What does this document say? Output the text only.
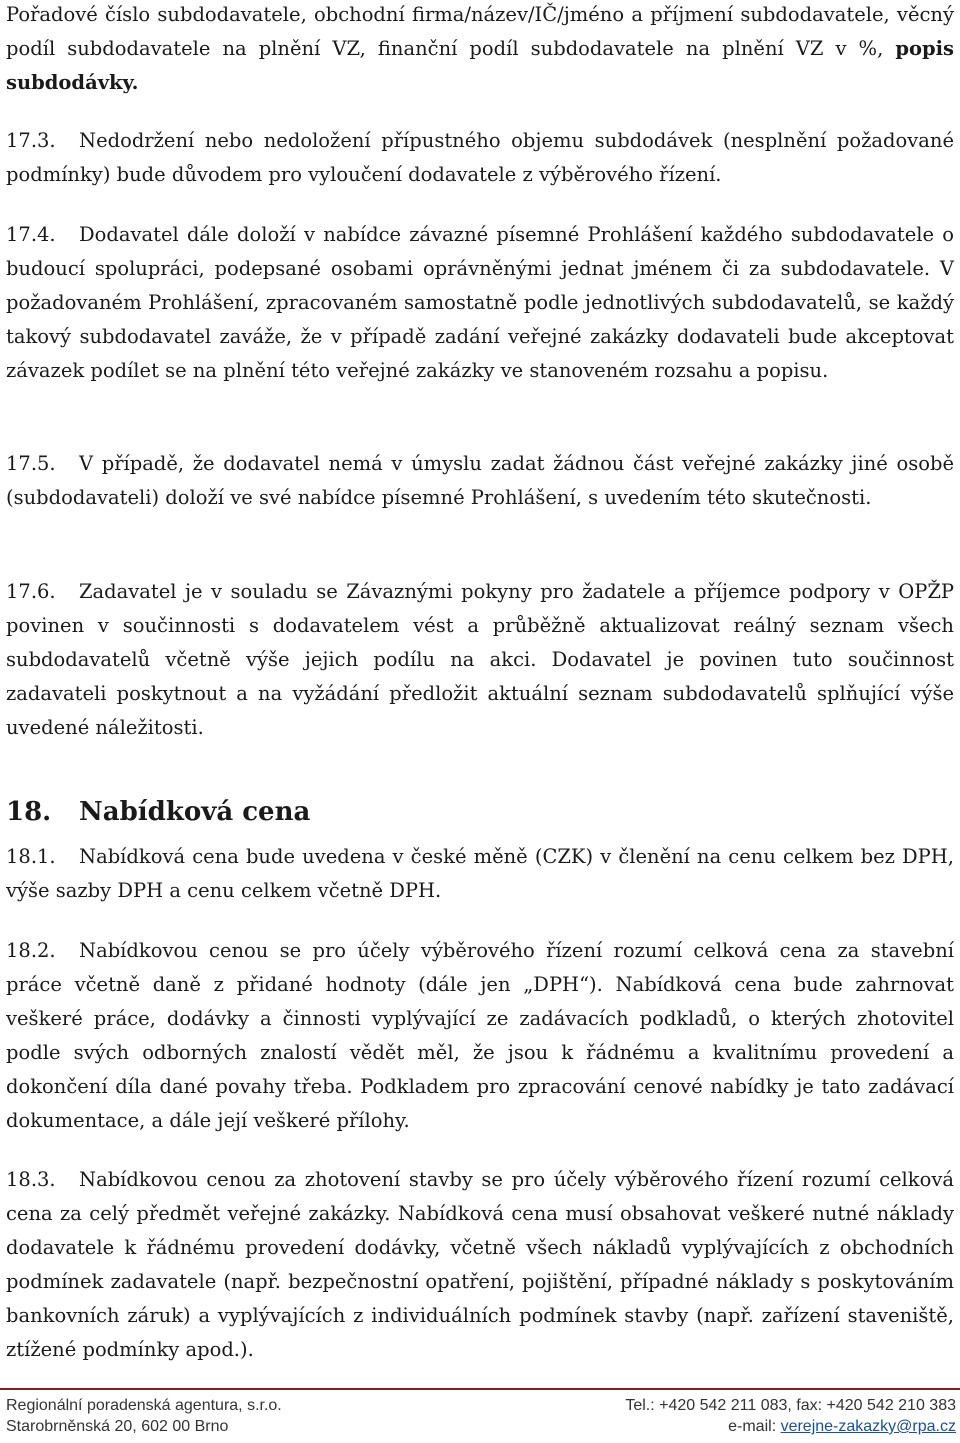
Pořadové číslo subdodavatele, obchodní firma/název/IČ/jméno a příjmení subdodavatele, věcný podíl subdodavatele na plnění VZ, finanční podíl subdodavatele na plnění VZ v %, popis subdodávky.

17.3. Nedodržení nebo nedoložení přípustného objemu subdodávek (nesplnění požadované podmínky) bude důvodem pro vyloučení dodavatele z výběrového řízení.

17.4. Dodavatel dále doloží v nabídce závazné písemné Prohlášení každého subdodavatele o budoucí spolupráci, podepsané osobami oprávněnými jednat jménem či za subdodavatele. V požadovaném Prohlášení, zpracovaném samostatně podle jednotlivých subdodavatelů, se každý takový subdodavatel zaváže, že v případě zadání veřejné zakázky dodavateli bude akceptovat závazek podílet se na plnění této veřejné zakázky ve stanoveném rozsahu a popisu.

17.5. V případě, že dodavatel nemá v úmyslu zadat žádnou část veřejné zakázky jiné osobě (subdodavateli) doloží ve své nabídce písemné Prohlášení, s uvedením této skutečnosti.

17.6. Zadavatel je v souladu se Závaznými pokyny pro žadatele a příjemce podpory v OPŽP povinen v součinnosti s dodavatelem vést a průběžně aktualizovat reálný seznam všech subdodavatelů včetně výše jejich podílu na akci. Dodavatel je povinen tuto součinnost zadavateli poskytnout a na vyžádání předložit aktuální seznam subdodavatelů splňující výše uvedené náležitosti.

18. Nabídková cena

18.1. Nabídková cena bude uvedena v české měně (CZK) v členění na cenu celkem bez DPH, výše sazby DPH a cenu celkem včetně DPH.

18.2. Nabídkovou cenou se pro účely výběrového řízení rozumí celková cena za stavební práce včetně daně z přidané hodnoty (dále jen „DPH“). Nabídková cena bude zahrnovat veškeré práce, dodávky a činnosti vyplývající ze zadávacích podkladů, o kterých zhotovitel podle svých odborných znalostí vědět měl, že jsou k řádnému a kvalitnímu provedení a dokončení díla dané povahy třeba. Podkladem pro zpracování cenové nabídky je tato zadávací dokumentace, a dále její veškeré přílohy.

18.3. Nabídkovou cenou za zhotovení stavby se pro účely výběrového řízení rozumí celková cena za celý předmět veřejné zakázky. Nabídková cena musí obsahovat veškeré nutné náklady dodavatele k řádnému provedení dodávky, včetně všech nákladů vyplývajících z obchodních podmínek zadavatele (např. bezpečnostní opatření, pojištění, případné náklady s poskytováním bankovních záruk) a vyplývajících z individuálních podmínek stavby (např. zařízení staveniště, ztížené podmínky apod.).

Regionální poradenská agentura, s.r.o.
Starobrněnská 20, 602 00 Brno
Tel.: +420 542 211 083, fax: +420 542 210 383
e-mail: verejne-zakazky@rpa.cz
